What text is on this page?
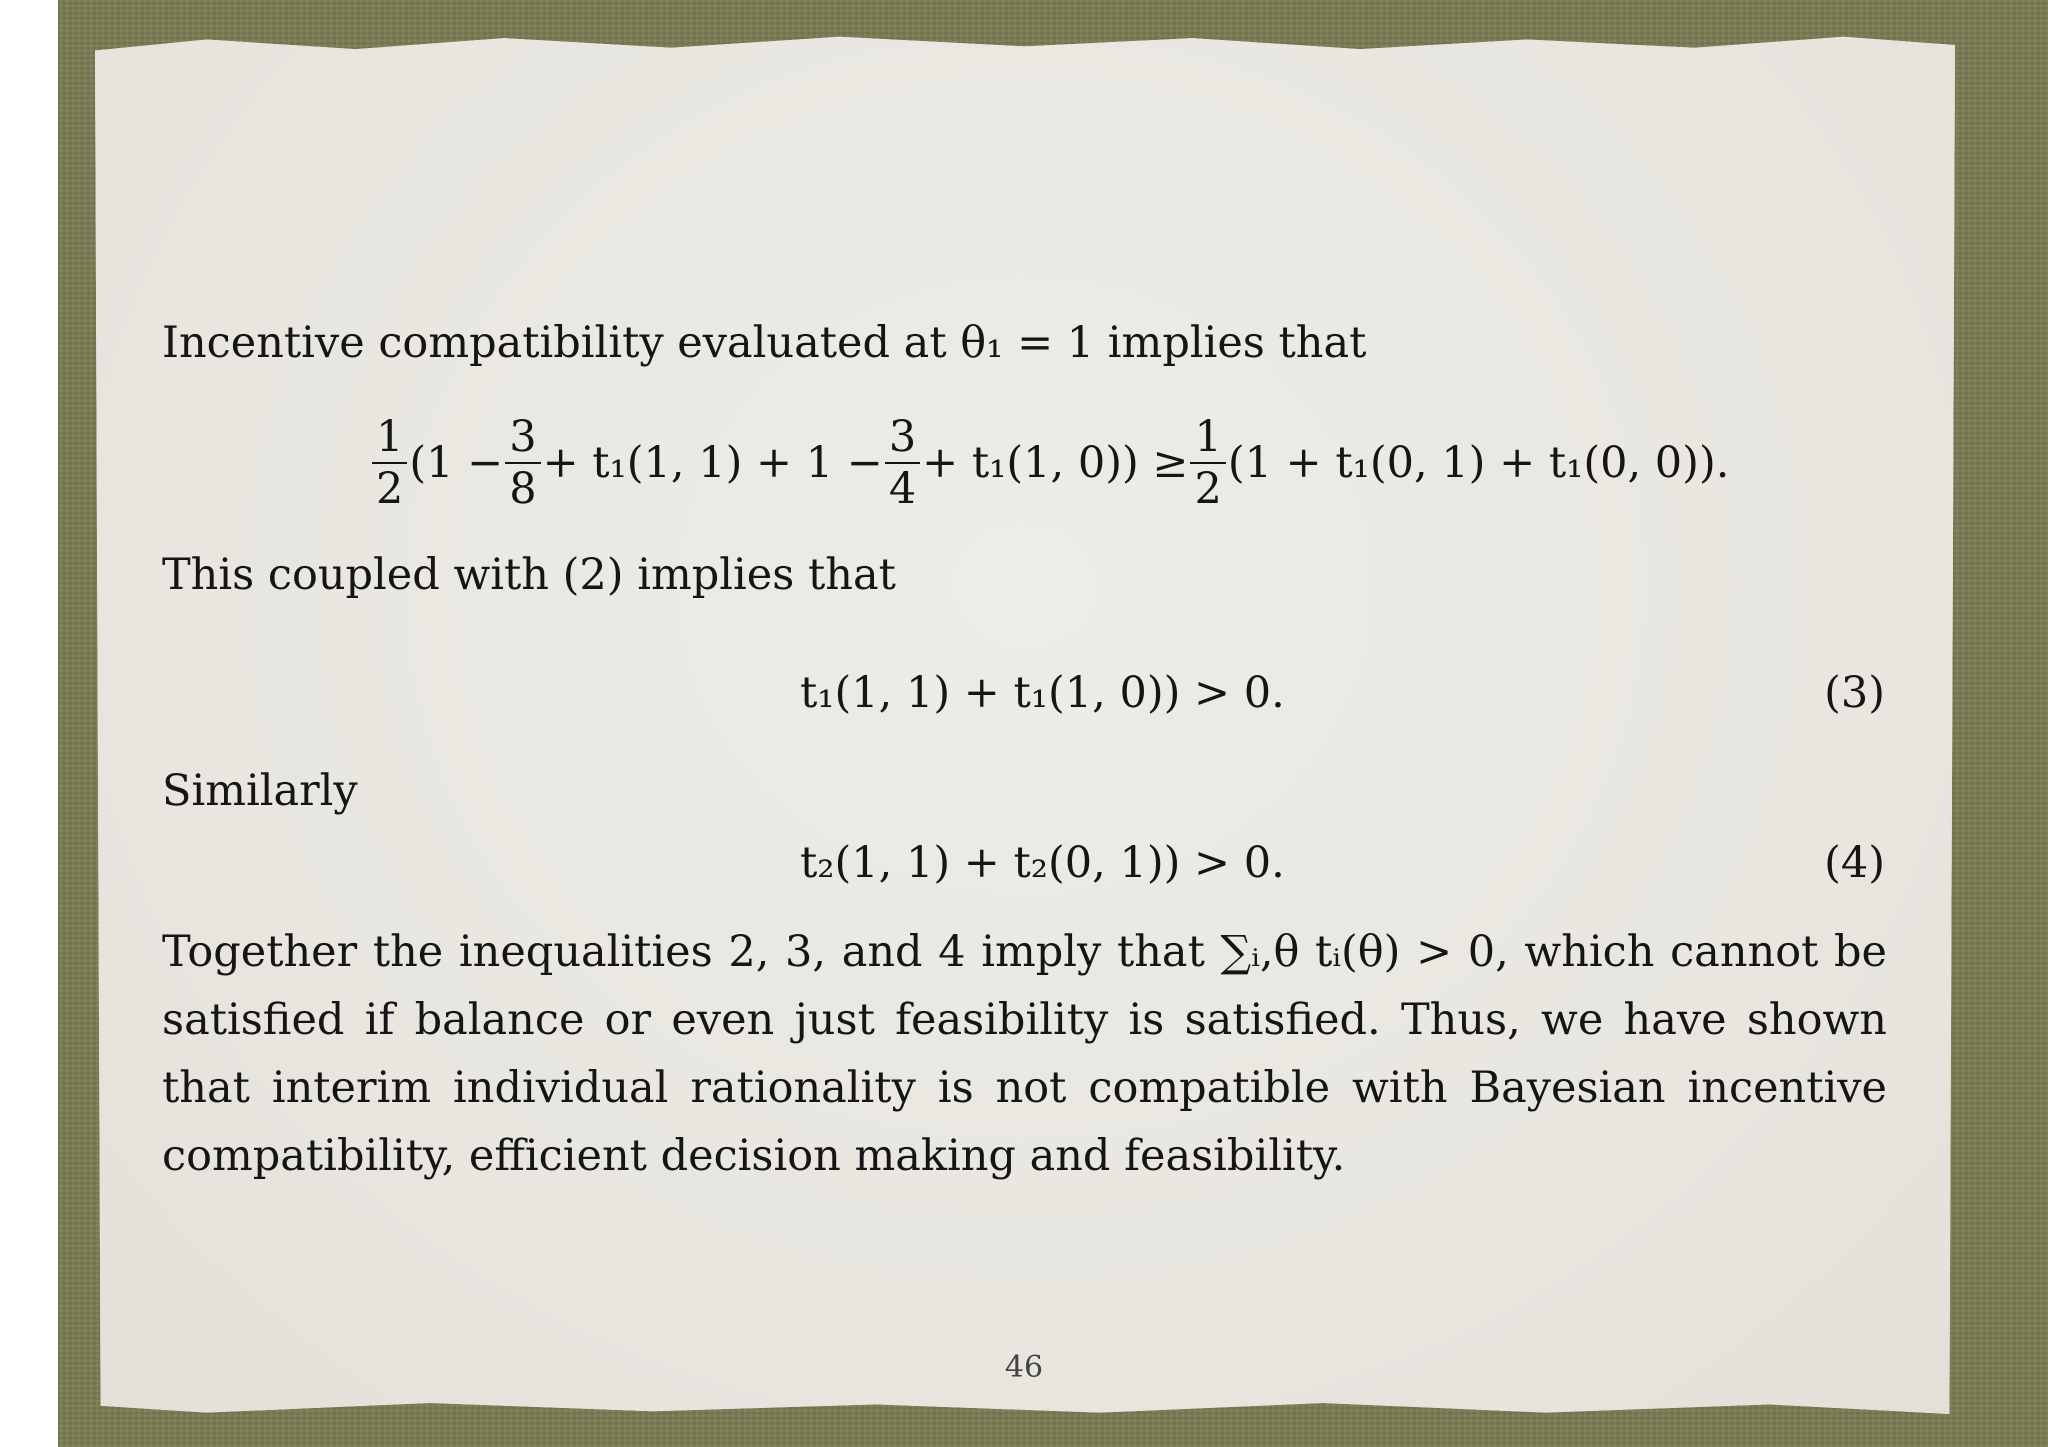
Incentive compatibility evaluated at θ₁ = 1 implies that
$\frac{1}{2} (1 - \frac{3}{8} + t_1(1$, $1) + 1 - \frac{3}{4} + t_1(1$, $0)) \ge \frac{1}{2} (1 + t_1(0$, 1) + t₁(0, 0)).
This coupled with (2) implies that
t₁(1, 1) + t₁(1, 0)) > 0.	(3)
Similarly
t₂(1, 1) + t₂(0, 1)) > 0.	(4)
Together the inequalities 2, 3, and 4 imply that ∑ᵢ,θ tᵢ(θ) > 0, which cannot be satisfied if balance or even just feasibility is satisfied. Thus, we have shown that interim individual rationality is not compatible with Bayesian incentive compatibility, efficient decision making and feasibility.
46
